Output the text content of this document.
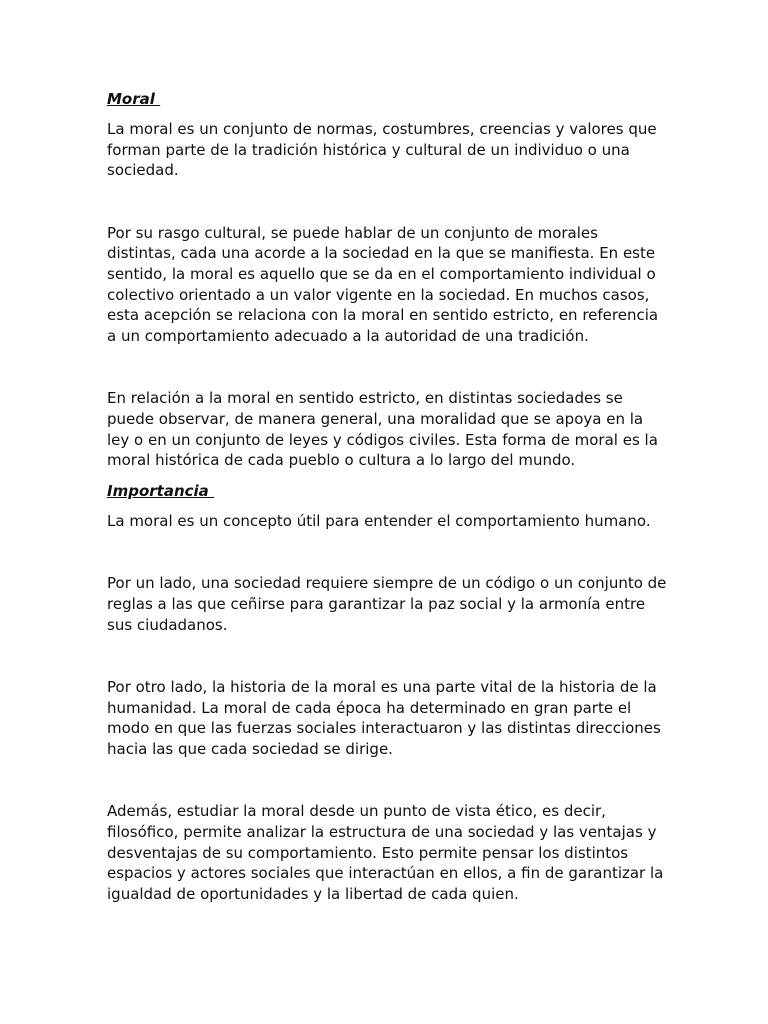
Moral

La moral es un conjunto de normas, costumbres, creencias y valores que forman parte de la tradición histórica y cultural de un individuo o una sociedad.

Por su rasgo cultural, se puede hablar de un conjunto de morales distintas, cada una acorde a la sociedad en la que se manifiesta. En este sentido, la moral es aquello que se da en el comportamiento individual o colectivo orientado a un valor vigente en la sociedad. En muchos casos, esta acepción se relaciona con la moral en sentido estricto, en referencia a un comportamiento adecuado a la autoridad de una tradición.

En relación a la moral en sentido estricto, en distintas sociedades se puede observar, de manera general, una moralidad que se apoya en la ley o en un conjunto de leyes y códigos civiles. Esta forma de moral es la moral histórica de cada pueblo o cultura a lo largo del mundo.

Importancia

La moral es un concepto útil para entender el comportamiento humano.

Por un lado, una sociedad requiere siempre de un código o un conjunto de reglas a las que ceñirse para garantizar la paz social y la armonía entre sus ciudadanos.

Por otro lado, la historia de la moral es una parte vital de la historia de la humanidad. La moral de cada época ha determinado en gran parte el modo en que las fuerzas sociales interactuaron y las distintas direcciones hacia las que cada sociedad se dirige.

Además, estudiar la moral desde un punto de vista ético, es decir, filosófico, permite analizar la estructura de una sociedad y las ventajas y desventajas de su comportamiento. Esto permite pensar los distintos espacios y actores sociales que interactúan en ellos, a fin de garantizar la igualdad de oportunidades y la libertad de cada quien.
